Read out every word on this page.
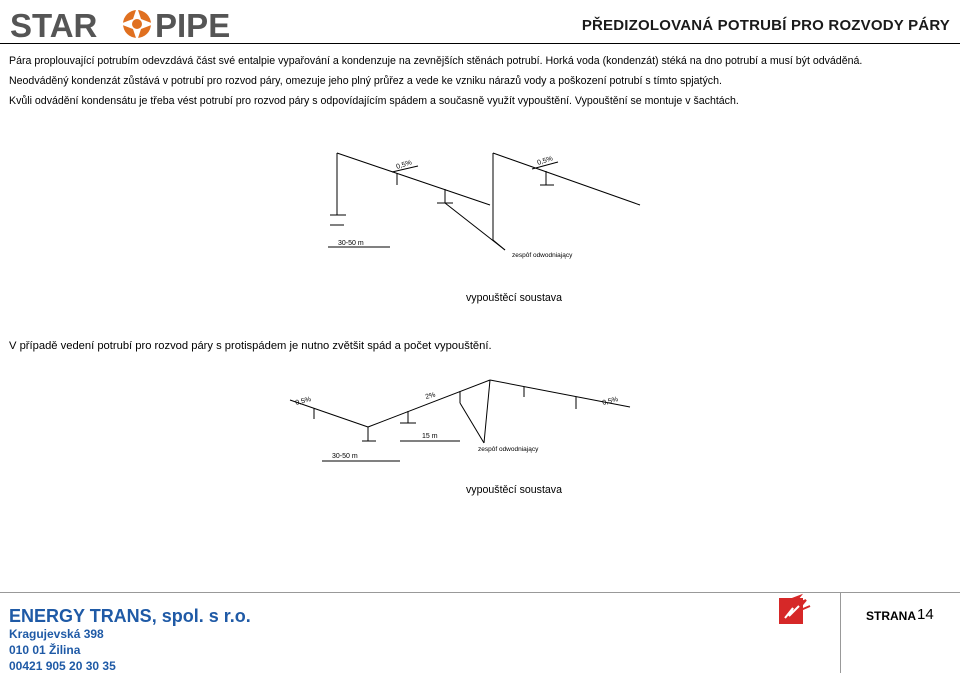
STAR PIPE	PŘEDIZOLOVANÁ POTRUBÍ PRO ROZVODY PÁRY
Pára proplouvající potrubím odevzdává část své entalpie vypařování a kondenzuje na zevnějších stěnách potrubí. Horká voda (kondenzát) stéká na dno potrubí a musí být odváděná.
Neodváděný kondenzát zůstává v potrubí pro rozvod páry, omezuje jeho plný průřez a vede ke vzniku nárazů vody a poškození potrubí s tímto spjatých.
Kvůli odvádění kondensátu je třeba vést potrubí pro rozvod páry s odpovídajícím spádem a současně využít vypouštění. Vypouštění se montuje v šachtách.
0,5%	0,5%
30-50 m
zespôf odwodniający
vypouštěcí soustava
V případě vedení potrubí pro rozvod páry s protispádem je nutno zvětšit spád a počet vypouštění.
0,5%	2%	0,5%
15 m
30-50 m
zespôf odwodniający
vypouštěcí soustava
ENERGY TRANS, spol. s r.o.
Kragujevská 398
010 01 Žilina
00421 905 20 30 35
STRANA 14
